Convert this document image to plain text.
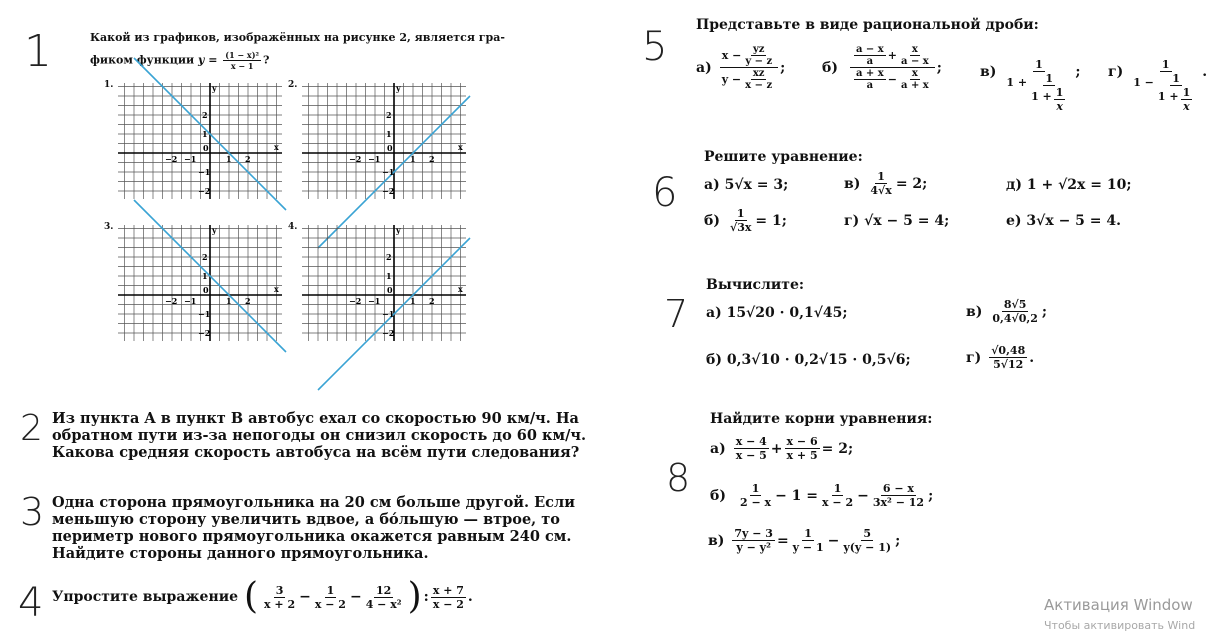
1
2
3
4
5
6
7
8
Какой из графиков, изображённых на рисунке 2, является гра-
фиком функции $y = \frac{\text{(1 − x)²}}{x - 1}$ ?
1.
−2 −1
0
1 2
2
1
−1
−2
x
y	2.
−2 −1
0
1 2
2
1
−1
−2
x
y
3.
−2 −1
0
1 2
2
1
−1
−2
x
y	4.
−2 −1
0
1 2
2
1
−1
−2
x
y
Из пункта A в пункт B автобус ехал со скоростью 90 км/ч. На
обратном пути из-за непогоды он снизил скорость до 60 км/ч.
Какова средняя скорость автобуса на всём пути следования?
Одна сторона прямоугольника на 20 см больше другой. Если
меньшую сторону увеличить вдвое, а бо́льшую — втрое, то
периметр нового прямоугольника окажется равным 240 см.
Найдите стороны данного прямоугольника.
Упростите выражение ( 3
$x + 2 - \frac{1}{x - 2} - \frac{12}{\text{4 − x²}}$ ) : x + 7
x − 2 .
Представьте в виде рациональной дроби:
а)
$x - \frac{yz}{y - z}$
$y - \frac{xz}{x - z}$
;	б)
a − x
a + x
a − x
a + x
a − x
a + x
;	в)	1
$1 + \frac{1}{1 + \frac{1}{x}}$ ; г)	1
$1 - \frac{1}{1 + \frac{1}{x}}$ .
Решите уравнение:
а) 5√x = 3;	$в) \frac{1}{4√x} = 2$;	д) 1 + √2x = 10;
$б) \frac{1}{√3x} = 1$;	г) √x − 5 = 4;	е) 3√x − 5 = 4.
Вычислите:
а) 15√20 · 0,1√45;	в) 8√5
0,4√0,2 ;
б) 0,3√10 · 0,2√15 · 0,5√6;	г) √0,48
5√12 .
Найдите корни уравнения:
а) x − 4
$x - 5 + \frac{x - 6}{x + 5} = 2$;
б) 1
$2 - x - 1 = \frac{1}{x - 2} - \frac{6 - x}{\text{3x² − 12}}$ ;
$в) \frac{7y - 3}{\text{y − y²}} = \frac{1}{y - 1} - \frac{5}{y(y - 1)}$ ;
Активация Window
Чтобы активировать Wind
